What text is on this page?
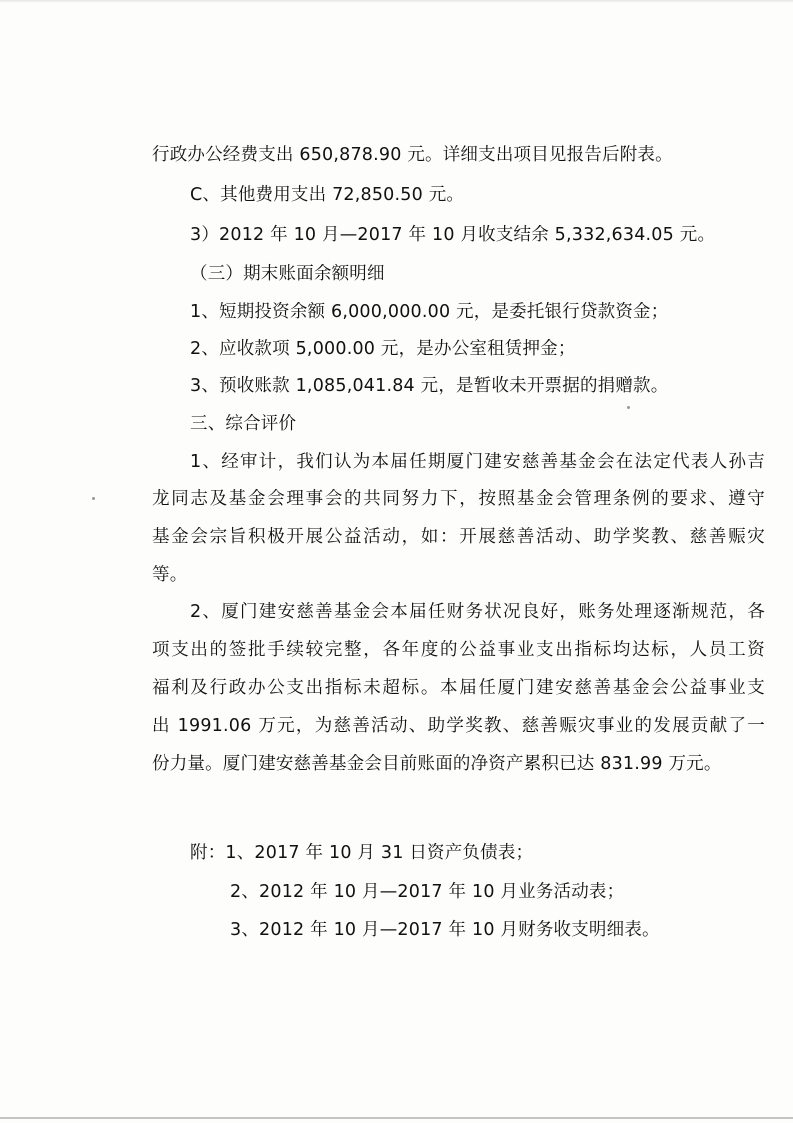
行政办公经费支出 650,878.90 元。详细支出项目见报告后附表。
C、其他费用支出 72,850.50 元。
3）2012 年 10 月—2017 年 10 月收支结余 5,332,634.05 元。
（三）期末账面余额明细
1、短期投资余额 6,000,000.00 元，是委托银行贷款资金；
2、应收款项 5,000.00 元，是办公室租赁押金；
3、预收账款 1,085,041.84 元，是暂收未开票据的捐赠款。
三、综合评价
1、经审计，我们认为本届任期厦门建安慈善基金会在法定代表人孙吉
龙同志及基金会理事会的共同努力下，按照基金会管理条例的要求、遵守
基金会宗旨积极开展公益活动，如：开展慈善活动、助学奖教、慈善赈灾
等。
2、厦门建安慈善基金会本届任财务状况良好，账务处理逐渐规范，各
项支出的签批手续较完整，各年度的公益事业支出指标均达标，人员工资
福利及行政办公支出指标未超标。本届任厦门建安慈善基金会公益事业支
出 1991.06 万元，为慈善活动、助学奖教、慈善赈灾事业的发展贡献了一
份力量。厦门建安慈善基金会目前账面的净资产累积已达 831.99 万元。
附：1、2017 年 10 月 31 日资产负债表；
2、2012 年 10 月—2017 年 10 月业务活动表；
3、2012 年 10 月—2017 年 10 月财务收支明细表。
